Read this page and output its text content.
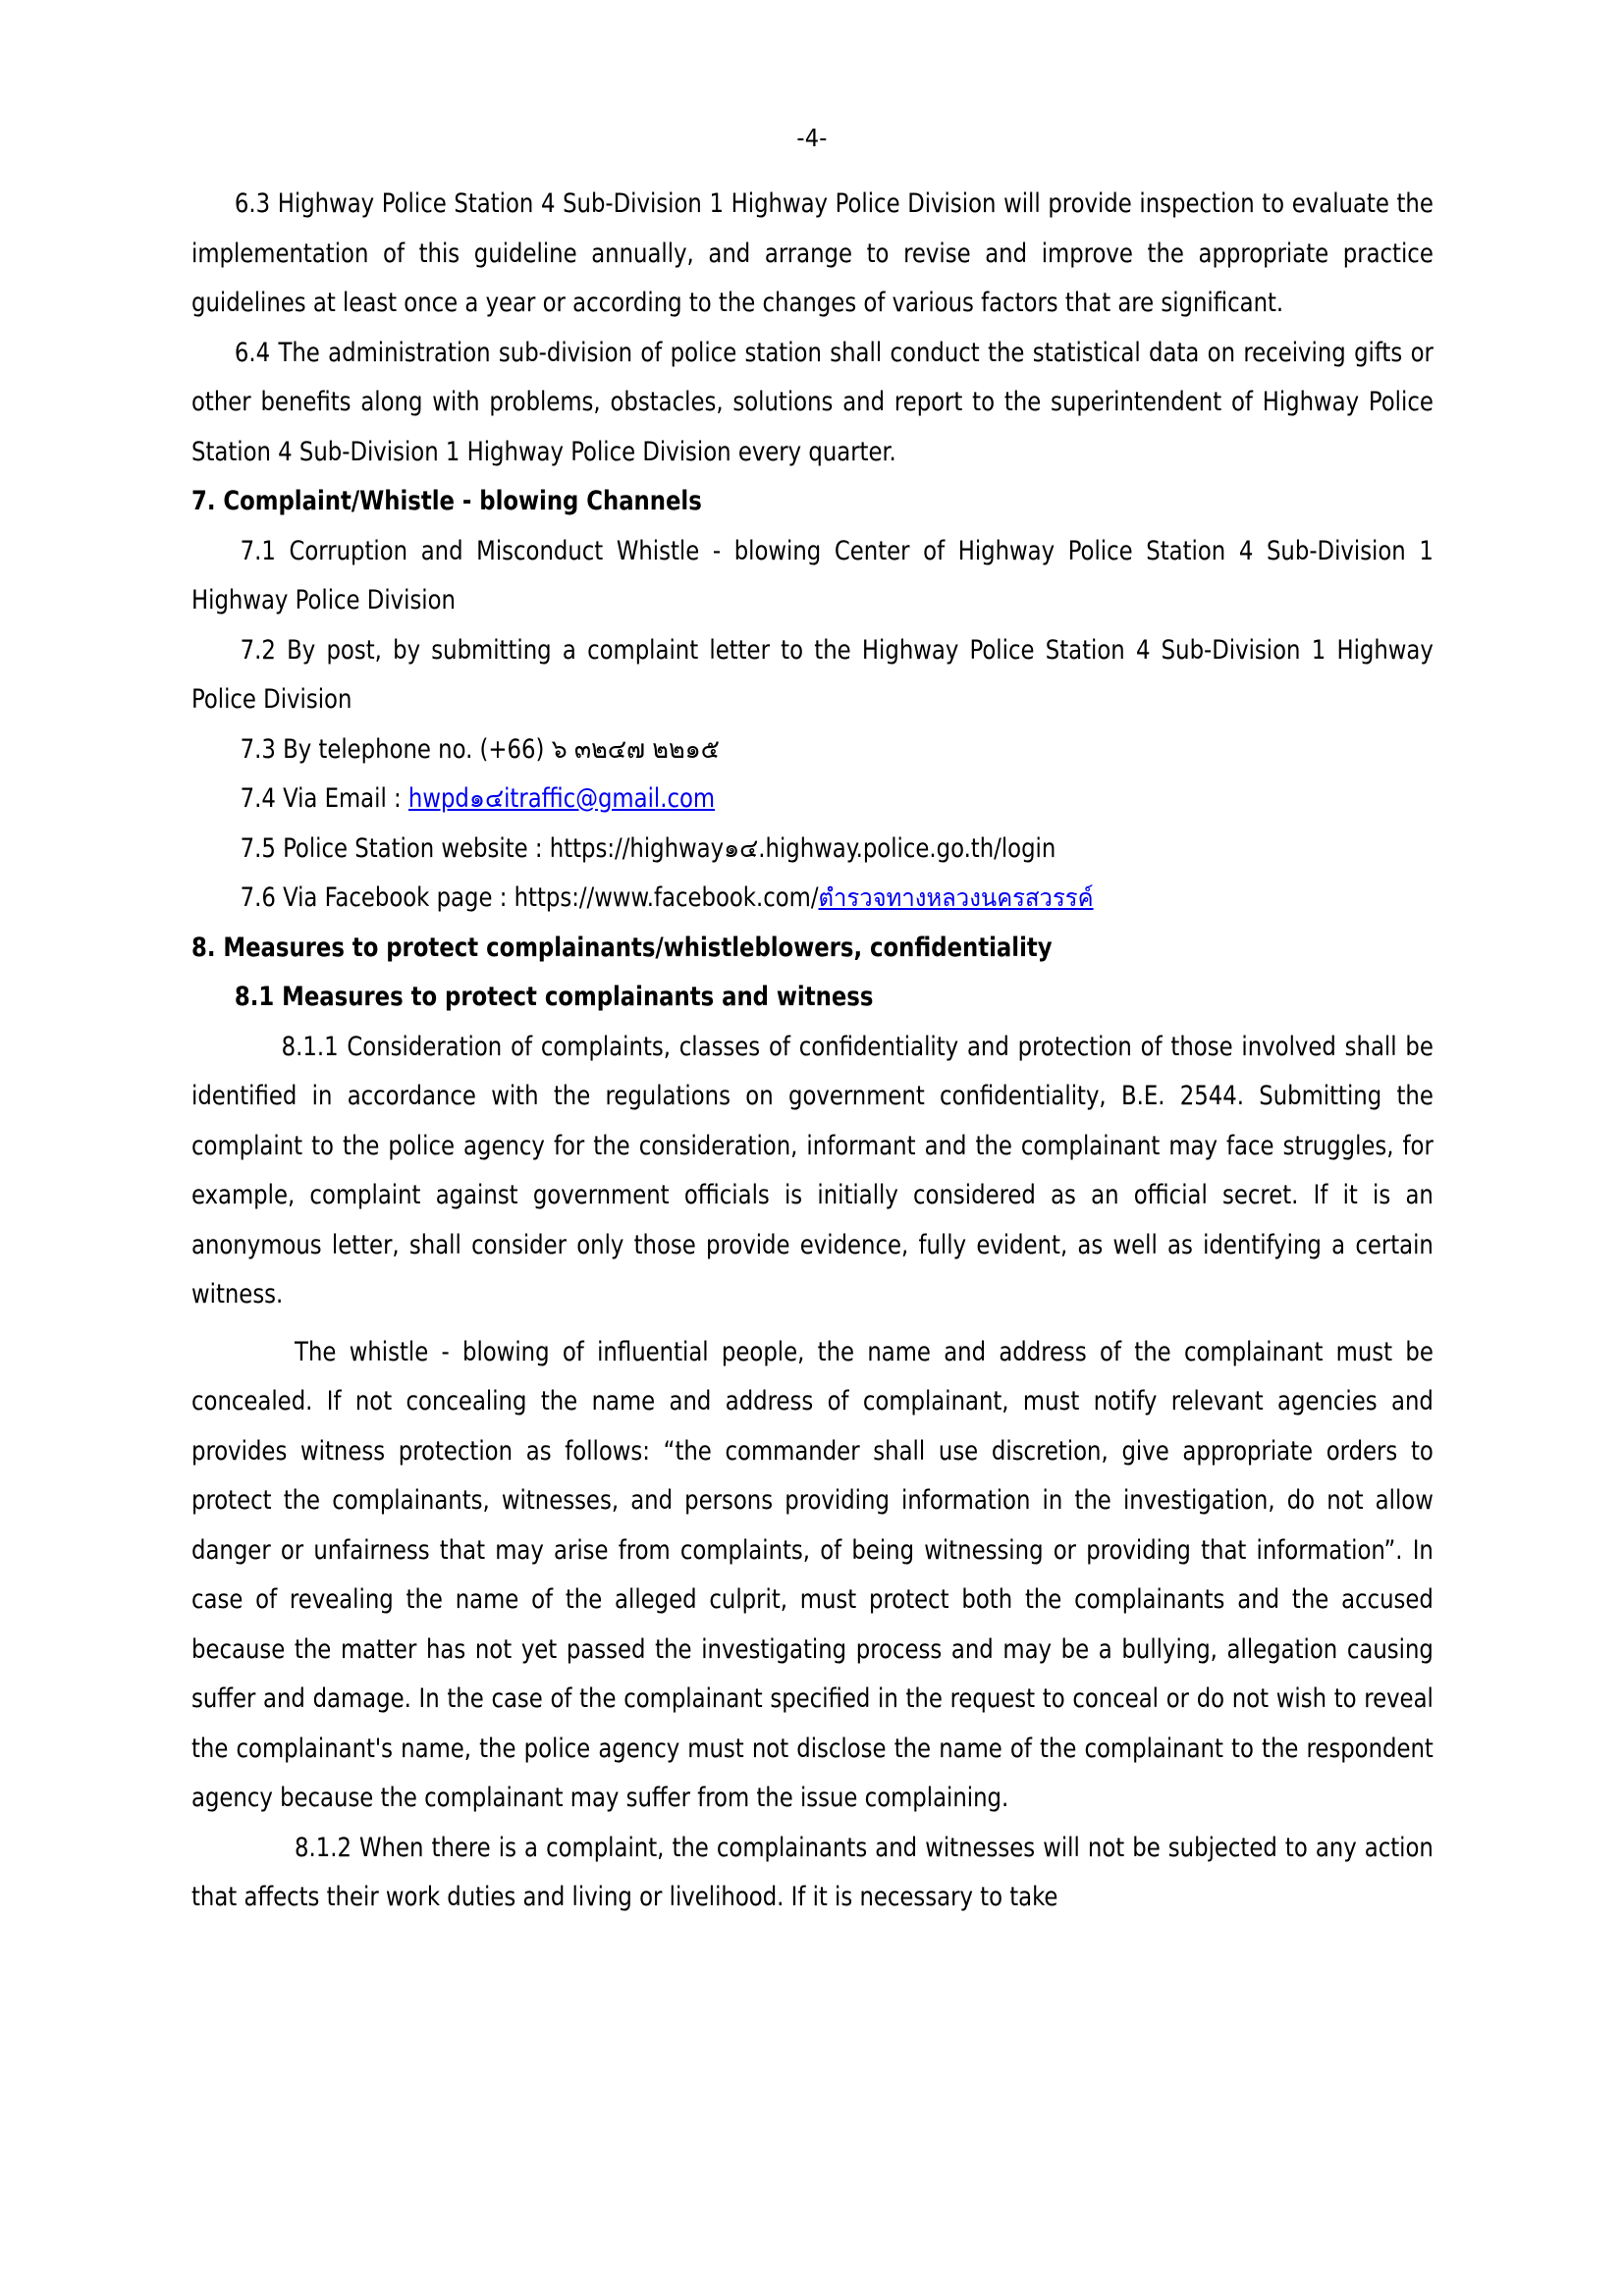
-4-

6.3 Highway Police Station 4 Sub-Division 1 Highway Police Division will provide inspection to evaluate the implementation of this guideline annually, and arrange to revise and improve the appropriate practice guidelines at least once a year or according to the changes of various factors that are significant.

6.4 The administration sub-division of police station shall conduct the statistical data on receiving gifts or other benefits along with problems, obstacles, solutions and report to the superintendent of Highway Police Station 4 Sub-Division 1 Highway Police Division every quarter.

7. Complaint/Whistle - blowing Channels

7.1 Corruption and Misconduct Whistle - blowing Center of Highway Police Station 4 Sub-Division 1 Highway Police Division

7.2 By post, by submitting a complaint letter to the Highway Police Station 4 Sub-Division 1 Highway Police Division

7.3 By telephone no. (+66) ๖ ๓๒๔๗ ๒๒๑๕

7.4 Via Email : hwpd๑๔itraffic@gmail.com

7.5 Police Station website : https://highway๑๔.highway.police.go.th/login

7.6 Via Facebook page : https://www.facebook.com/ตำรวจทางหลวงนครสวรรค์

8. Measures to protect complainants/whistleblowers, confidentiality
8.1 Measures to protect complainants and witness

8.1.1 Consideration of complaints, classes of confidentiality and protection of those involved shall be identified in accordance with the regulations on government confidentiality, B.E. 2544. Submitting the complaint to the police agency for the consideration, informant and the complainant may face struggles, for example, complaint against government officials is initially considered as an official secret. If it is an anonymous letter, shall consider only those provide evidence, fully evident, as well as identifying a certain witness.

The whistle - blowing of influential people, the name and address of the complainant must be concealed. If not concealing the name and address of complainant, must notify relevant agencies and provides witness protection as follows: “the commander shall use discretion, give appropriate orders to protect the complainants, witnesses, and persons providing information in the investigation, do not allow danger or unfairness that may arise from complaints, of being witnessing or providing that information”. In case of revealing the name of the alleged culprit, must protect both the complainants and the accused because the matter has not yet passed the investigating process and may be a bullying, allegation causing suffer and damage. In the case of the complainant specified in the request to conceal or do not wish to reveal the complainant's name, the police agency must not disclose the name of the complainant to the respondent agency because the complainant may suffer from the issue complaining.

8.1.2 When there is a complaint, the complainants and witnesses will not be subjected to any action that affects their work duties and living or livelihood. If it is necessary to take
